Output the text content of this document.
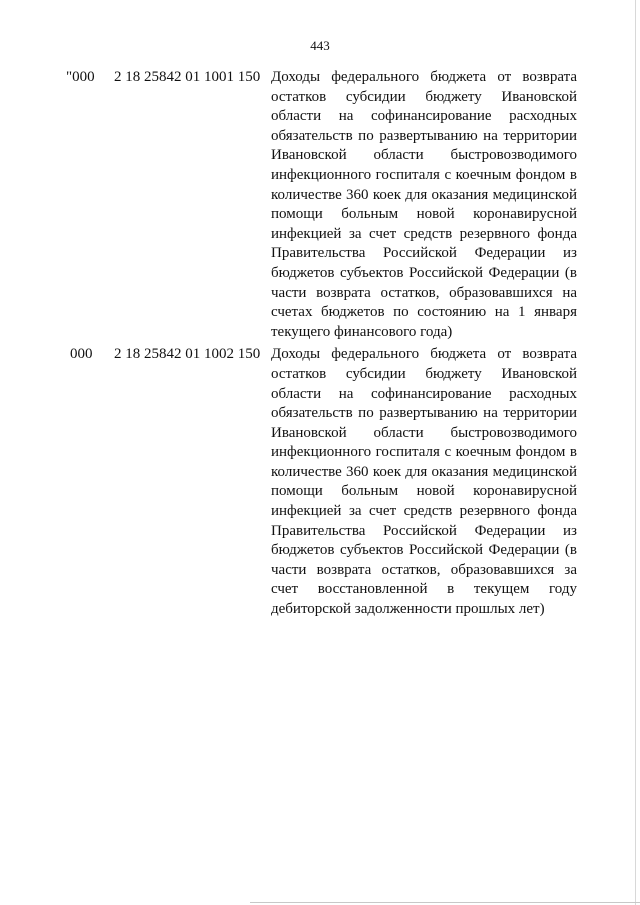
443
"000	2 18 25842 01 1001 150 Доходы федерального бюджета от возврата остатков субсидии бюджету Ивановской области на софинансирование расходных обязательств по развертыванию на территории Ивановской области быстровозводимого инфекционного госпиталя с коечным фондом в количестве 360 коек для оказания медицинской помощи больным новой коронавирусной инфекцией за счет средств резервного фонда Правительства Российской Федерации из бюджетов субъектов Российской Федерации (в части возврата остатков, образовавшихся на счетах бюджетов по состоянию на 1 января текущего финансового года)
000	2 18 25842 01 1002 150 Доходы федерального бюджета от возврата остатков субсидии бюджету Ивановской области на софинансирование расходных обязательств по развертыванию на территории Ивановской области быстровозводимого инфекционного госпиталя с коечным фондом в количестве 360 коек для оказания медицинской помощи больным новой коронавирусной инфекцией за счет средств резервного фонда Правительства Российской Федерации из бюджетов субъектов Российской Федерации (в части возврата остатков, образовавшихся за счет восстановленной в текущем году дебиторской задолженности прошлых лет)
